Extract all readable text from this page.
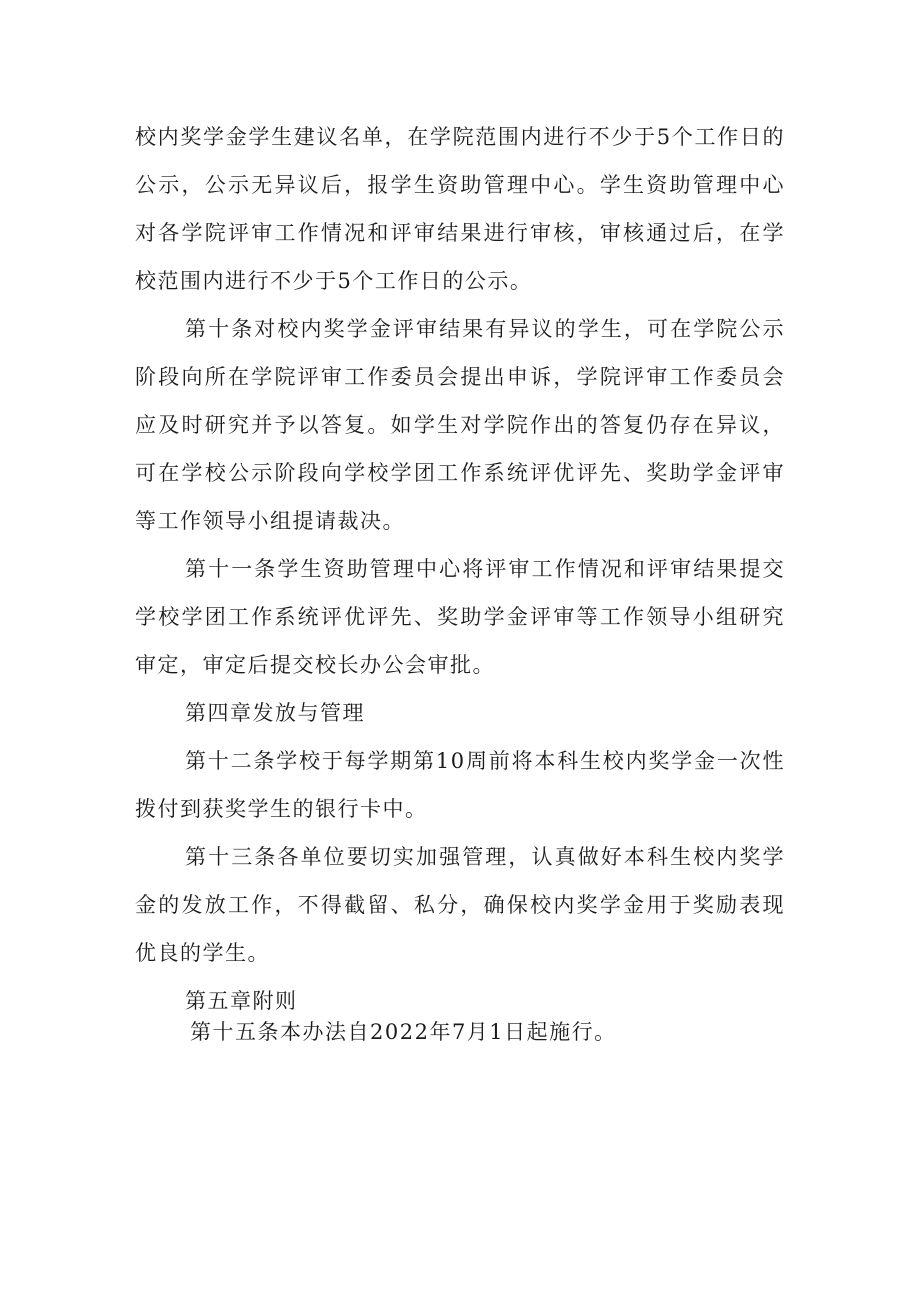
校内奖学金学生建议名单，在学院范围内进行不少于5个工作日的公示，公示无异议后，报学生资助管理中心。学生资助管理中心对各学院评审工作情况和评审结果进行审核，审核通过后，在学校范围内进行不少于5个工作日的公示。

第十条对校内奖学金评审结果有异议的学生，可在学院公示阶段向所在学院评审工作委员会提出申诉，学院评审工作委员会应及时研究并予以答复。如学生对学院作出的答复仍存在异议，可在学校公示阶段向学校学团工作系统评优评先、奖助学金评审等工作领导小组提请裁决。

第十一条学生资助管理中心将评审工作情况和评审结果提交学校学团工作系统评优评先、奖助学金评审等工作领导小组研究审定，审定后提交校长办公会审批。

第四章发放与管理

第十二条学校于每学期第10周前将本科生校内奖学金一次性拨付到获奖学生的银行卡中。

第十三条各单位要切实加强管理，认真做好本科生校内奖学金的发放工作，不得截留、私分，确保校内奖学金用于奖励表现优良的学生。

第五章附则

第十五条本办法自2022年7月1日起施行。
